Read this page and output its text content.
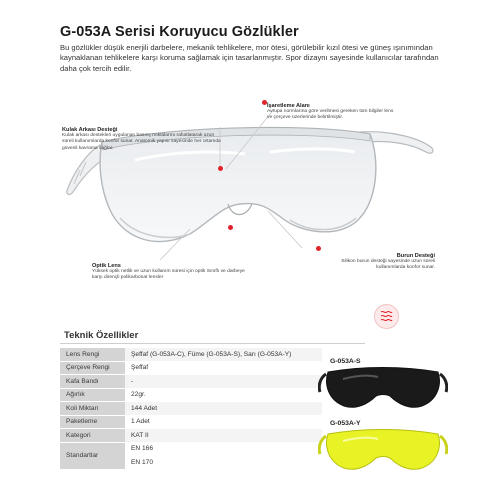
G-053A Serisi Koruyucu Gözlükler
Bu gözlükler düşük enerjili darbelere, mekanik tehlikelere, mor ötesi, görülebilir kızıl ötesi ve güneş ışınımından kaynaklanan tehlikelere karşı koruma sağlamak için tasarlanmıştır. Spor dizaynı sayesinde kullanıcılar tarafından daha çok tercih edilir.
İşaretleme Alanı
Avrupa normlarına göre verilmesi gereken tüm bilgiler lens ve çerçeve üzerlerinde belirtilmiştir.
Kulak Arkası Desteği
Kulak arkası destekleri uygulanan basınç noktalarını rahatlatarak uzun süreli kullanımlarda konfor sunar. Anatomik yapısı sayesinde her ortamda güvenli kavrama sağlar.
Burun Desteği
Silikon burun desteği sayesinde uzun süreli kullanımlarda konfor sunar.
Optik Lens
Yüksek optik netlik ve uzun kullanım süresi için optik Sınıflı ve darbeye karşı dirençli polikarbonat lensler
Teknik Özellikler
Lens Rengi	Şeffaf (G-053A-C), Füme (G-053A-S), Sarı (G-053A-Y)
Çerçeve Rengi	Şeffaf
Kafa Bandı	-
Ağırlık	22gr.
Koli Miktarı	144 Adet
Paketleme	1 Adet
Kategori	KAT II
Standartlar	EN 166
	EN 170
G-053A-S
G-053A-Y
